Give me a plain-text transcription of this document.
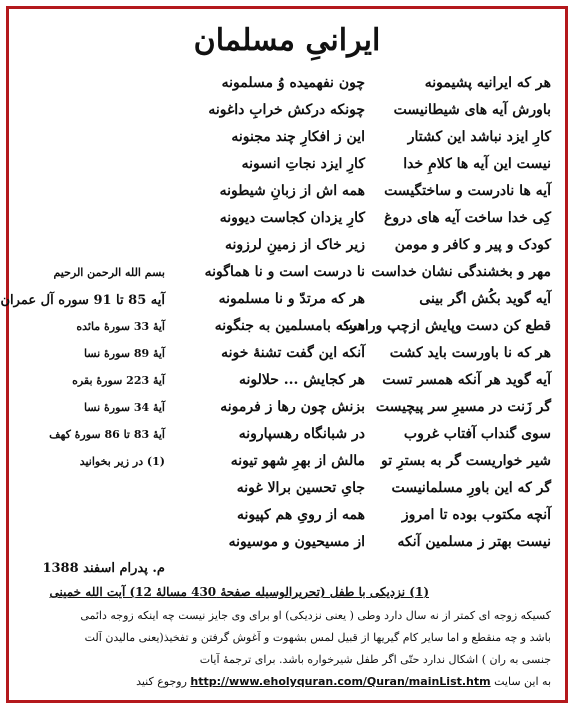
ایرانیِ مسلمان
هر که ایرانیه پشیمونه
چون نفهمیده وُ مسلمونه
باورش آیه های شیطانیست
چونکه درکش خرابِ داغونه
کارِ ایزد نباشد این کشتار
این ز افکارِ چند مجنونه
نیست این آیه ها کلامِ خدا
کارِ ایزد نجاتِ انسونه
آیه ها نادرست و ساختگیست
همه اش از زبانِ شیطونه
کِی خدا ساخت آیه های دروغ
کارِ یزدان کجاست دیوونه
کودک و پیر و کافر و مومن
زیر خاک از زمینِ لرزونه
مهر و بخشندگی نشان خداست
نا درست است و نا هماگونه
بسم الله الرحمن الرحیم
آیه گوید بکُش اگر بینی
هر که مرتدّ و نا مسلمونه
آیه 85 تا 91 سوره آل عمران
قطع کن دست وپایش ازچپ وراست
هرکه بامسلمین به جنگونه
آیهٔ 33 سورهٔ مائده
هر که نا باورست باید کشت
آنکه این گفت تشنهٔ خونه
آیهٔ 89 سورهٔ نسا
آیه گوید هر آنکه همسر تست
هر کجایش ... حلالونه
آیهٔ 223 سورهٔ بقره
گر زَنت در مسیرِ سر پیچیست
بزنش چون رها ز فرمونه
آیهٔ 34 سورهٔ نسا
سوی گنداب آفتاب غروب
در شبانگاه رهسپارونه
آیهٔ 83 تا 86 سورهٔ کهف
شیر خواریست گر به بسترِ تو
مالش از بهرِ شهو تیونه
(1) در زیر بخوانید
گر که این باورِ مسلمانیست
جایِ تحسین برالا غونه
آنچه مکتوب بوده تا امروز
همه از رویِ هم کپیونه
نیست بهتر ز مسلمین آنکه
از مسیحیون و موسیونه
م. پدرام اسفند 1388
(1) نزدیکی با طفل (تحریرالوسیله صفحهٔ 430 مسالهٔ 12) آیت الله خمینی
کسیکه زوجه ای کمتر از نه سال دارد وطی ( یعنی نزدیکی) او برای وی جایز نیست چه اینکه زوجه دائمی
باشد و چه منقطع و اما سایر کام گیریها از قبیل لمس بشهوت و آغوش گرفتن و تفخیذ(یعنی مالیدن آلت
جنسی به ران ) اشکال ندارد حتّی اگر طفل شیرخواره باشد. برای ترجمهٔ آیات
به این سایت http://www.eholyquran.com/Quran/mainList.htm روجوع کنید
